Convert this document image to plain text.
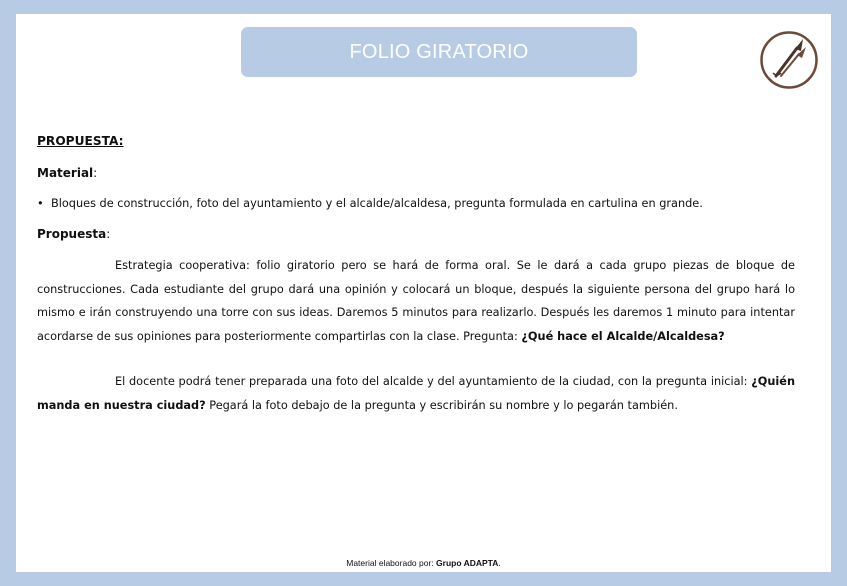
FOLIO GIRATORIO

PROPUESTA:

Material:

• Bloques de construcción, foto del ayuntamiento y el alcalde/alcaldesa, pregunta formulada en cartulina en grande.

Propuesta:

Estrategia cooperativa: folio giratorio pero se hará de forma oral. Se le dará a cada grupo piezas de bloque de construcciones. Cada estudiante del grupo dará una opinión y colocará un bloque, después la siguiente persona del grupo hará lo mismo e irán construyendo una torre con sus ideas. Daremos 5 minutos para realizarlo. Después les daremos 1 minuto para intentar acordarse de sus opiniones para posteriormente compartirlas con la clase. Pregunta: ¿Qué hace el Alcalde/Alcaldesa?

El docente podrá tener preparada una foto del alcalde y del ayuntamiento de la ciudad, con la pregunta inicial: ¿Quién manda en nuestra ciudad? Pegará la foto debajo de la pregunta y escribirán su nombre y lo pegarán también.

Material elaborado por: Grupo ADAPTA.
